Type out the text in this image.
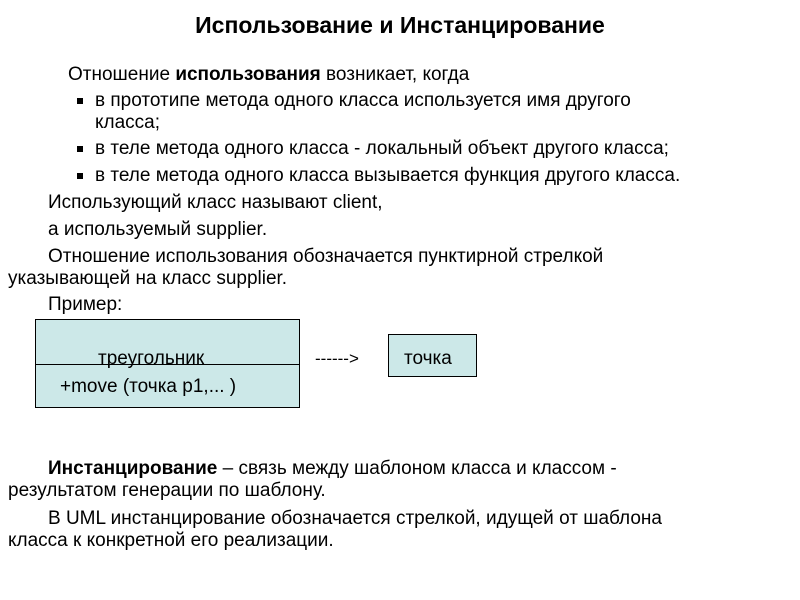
Использование и Инстанцирование
Отношение использования возникает, когда
в прототипе метода одного класса используется имя другого
класса;
в теле метода одного класса - локальный объект другого класса;
в теле метода одного класса вызывается функция другого класса.
Использующий класс называют client,
а используемый supplier.
Отношение использования обозначается пунктирной стрелкой
указывающей на класс supplier.
Пример:
треугольник
+move (точка p1,... )
------> точка
Инстанцирование – связь между шаблоном класса и классом -
результатом генерации по шаблону.
В UML инстанцирование обозначается стрелкой, идущей от шаблона
класса к конкретной его реализации.
